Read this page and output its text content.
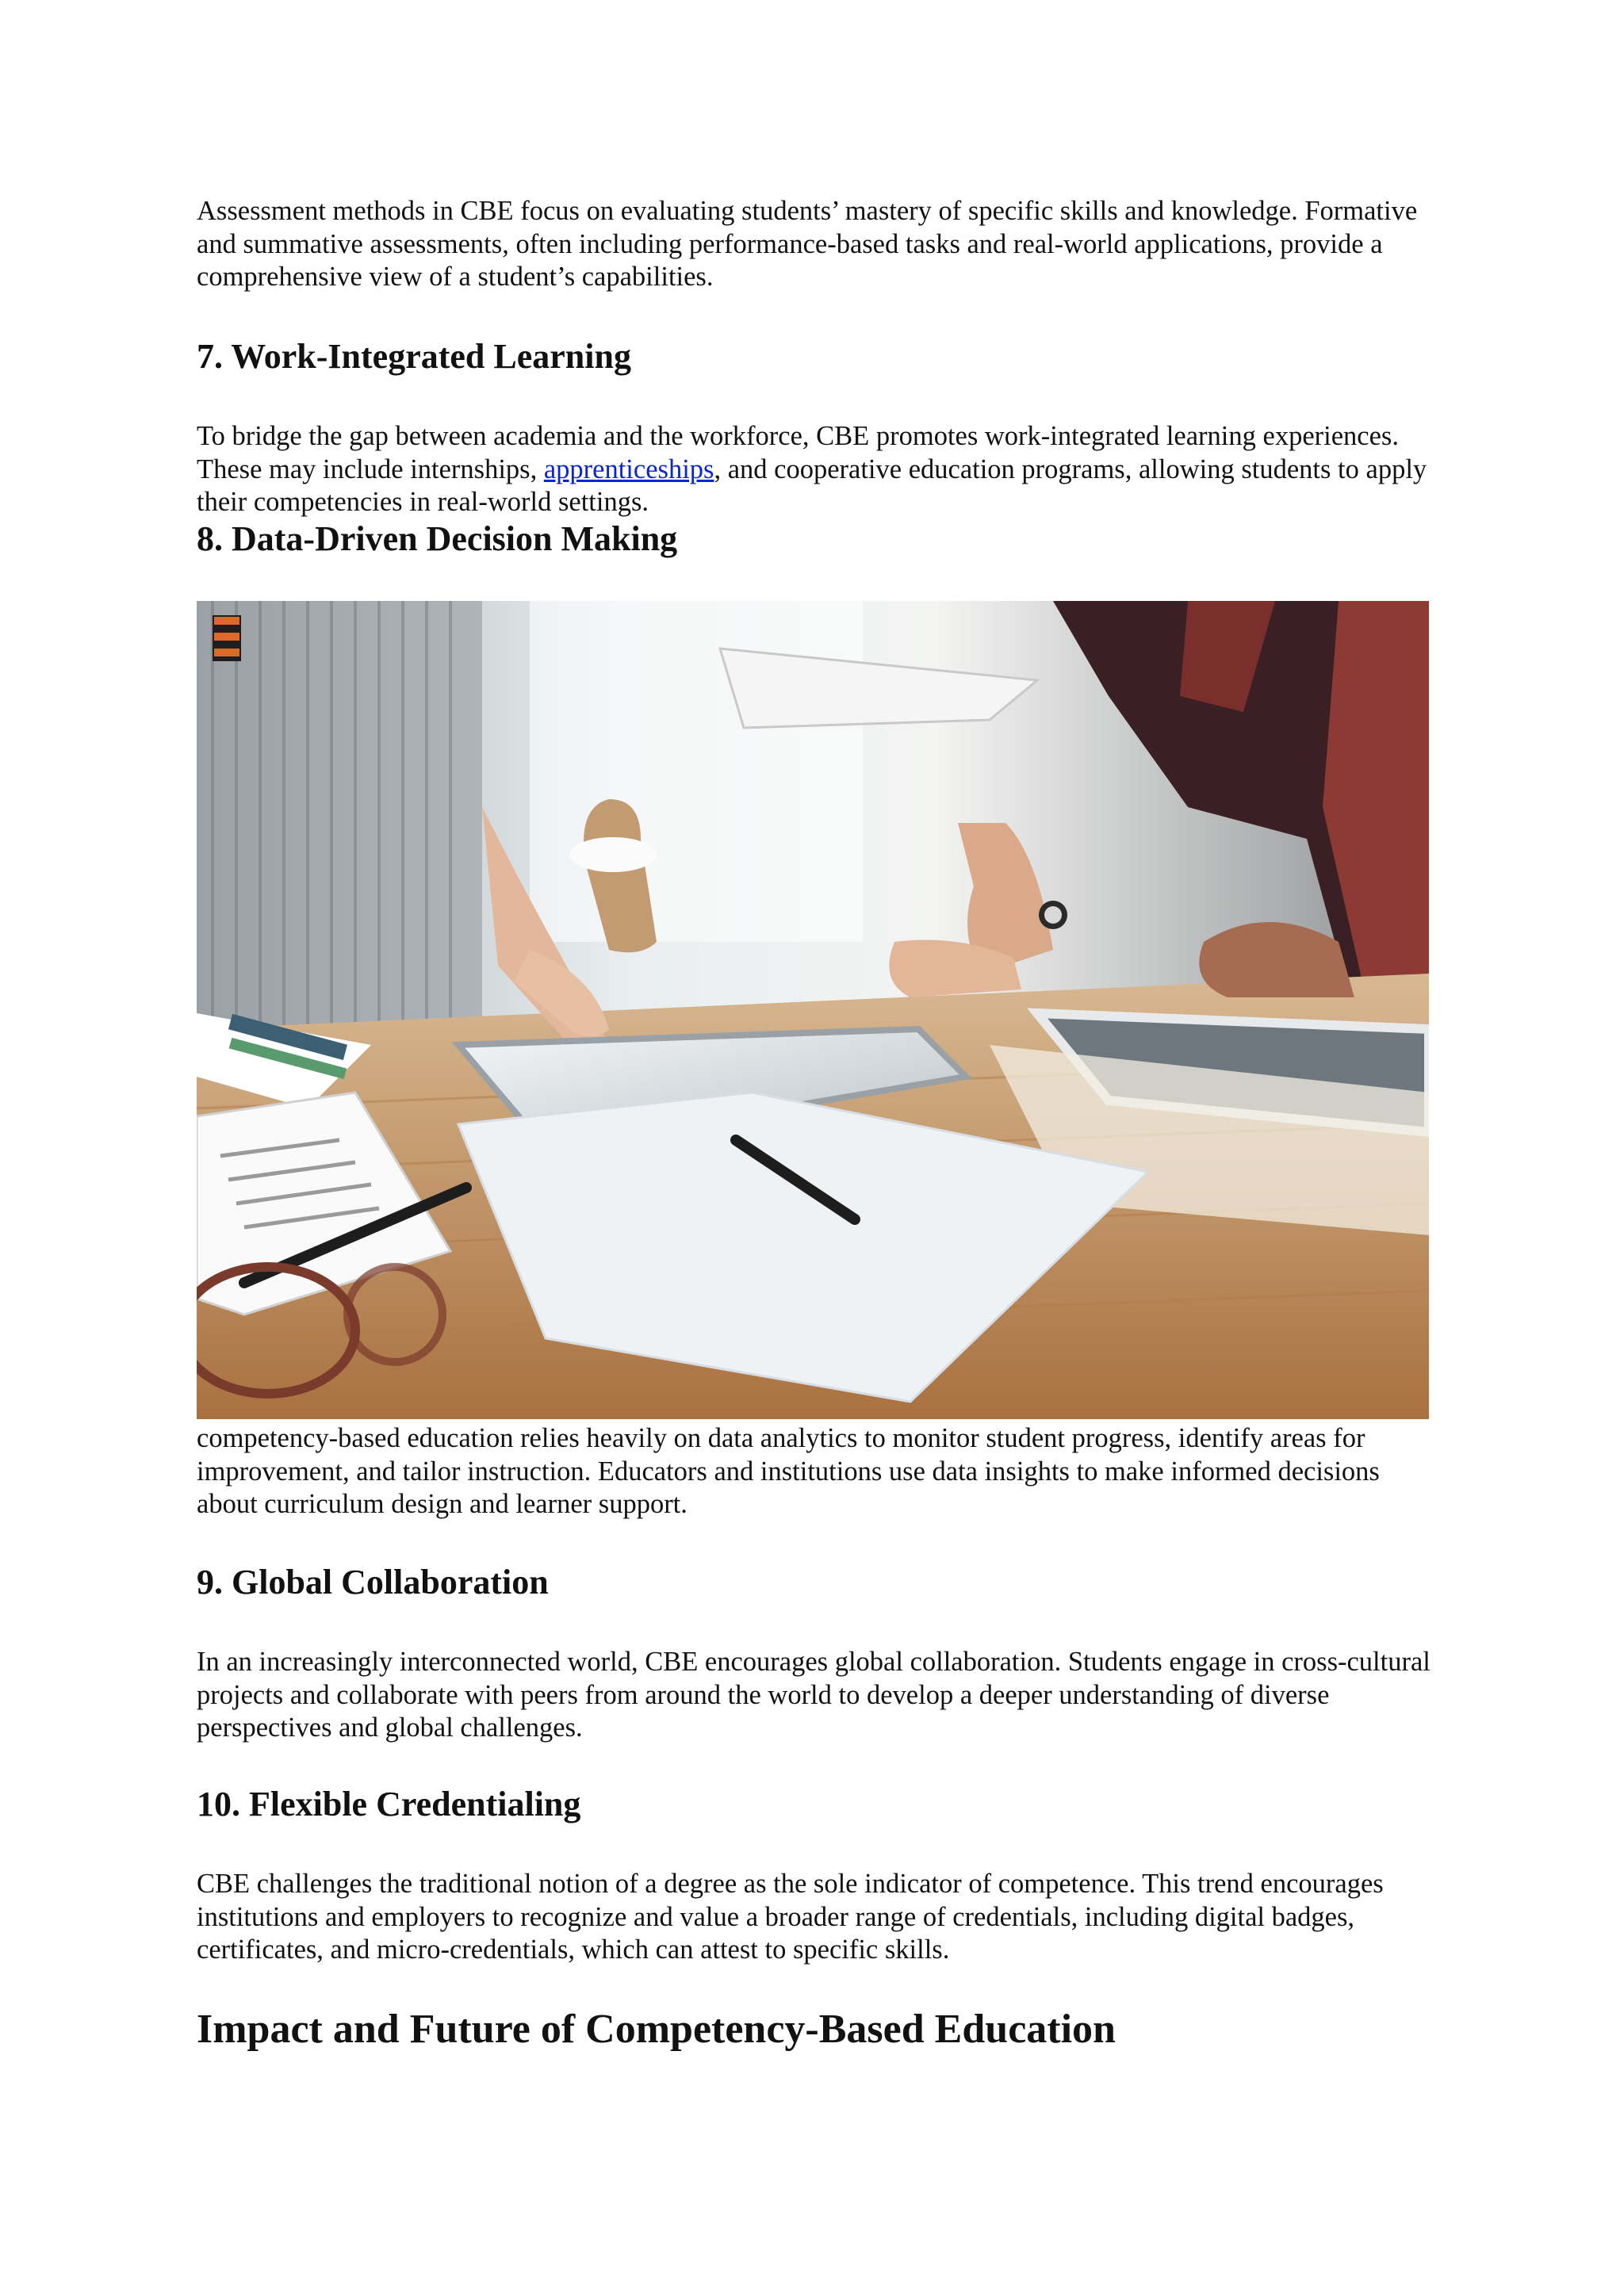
Assessment methods in CBE focus on evaluating students’ mastery of specific skills and knowledge. Formative and summative assessments, often including performance-based tasks and real-world applications, provide a comprehensive view of a student’s capabilities.

7. Work-Integrated Learning

To bridge the gap between academia and the workforce, CBE promotes work-integrated learning experiences. These may include internships, apprenticeships, and cooperative education programs, allowing students to apply their competencies in real-world settings.

8. Data-Driven Decision Making

competency-based education relies heavily on data analytics to monitor student progress, identify areas for improvement, and tailor instruction. Educators and institutions use data insights to make informed decisions about curriculum design and learner support.

9. Global Collaboration

In an increasingly interconnected world, CBE encourages global collaboration. Students engage in cross-cultural projects and collaborate with peers from around the world to develop a deeper understanding of diverse perspectives and global challenges.

10. Flexible Credentialing

CBE challenges the traditional notion of a degree as the sole indicator of competence. This trend encourages institutions and employers to recognize and value a broader range of credentials, including digital badges, certificates, and micro-credentials, which can attest to specific skills.

Impact and Future of Competency-Based Education
